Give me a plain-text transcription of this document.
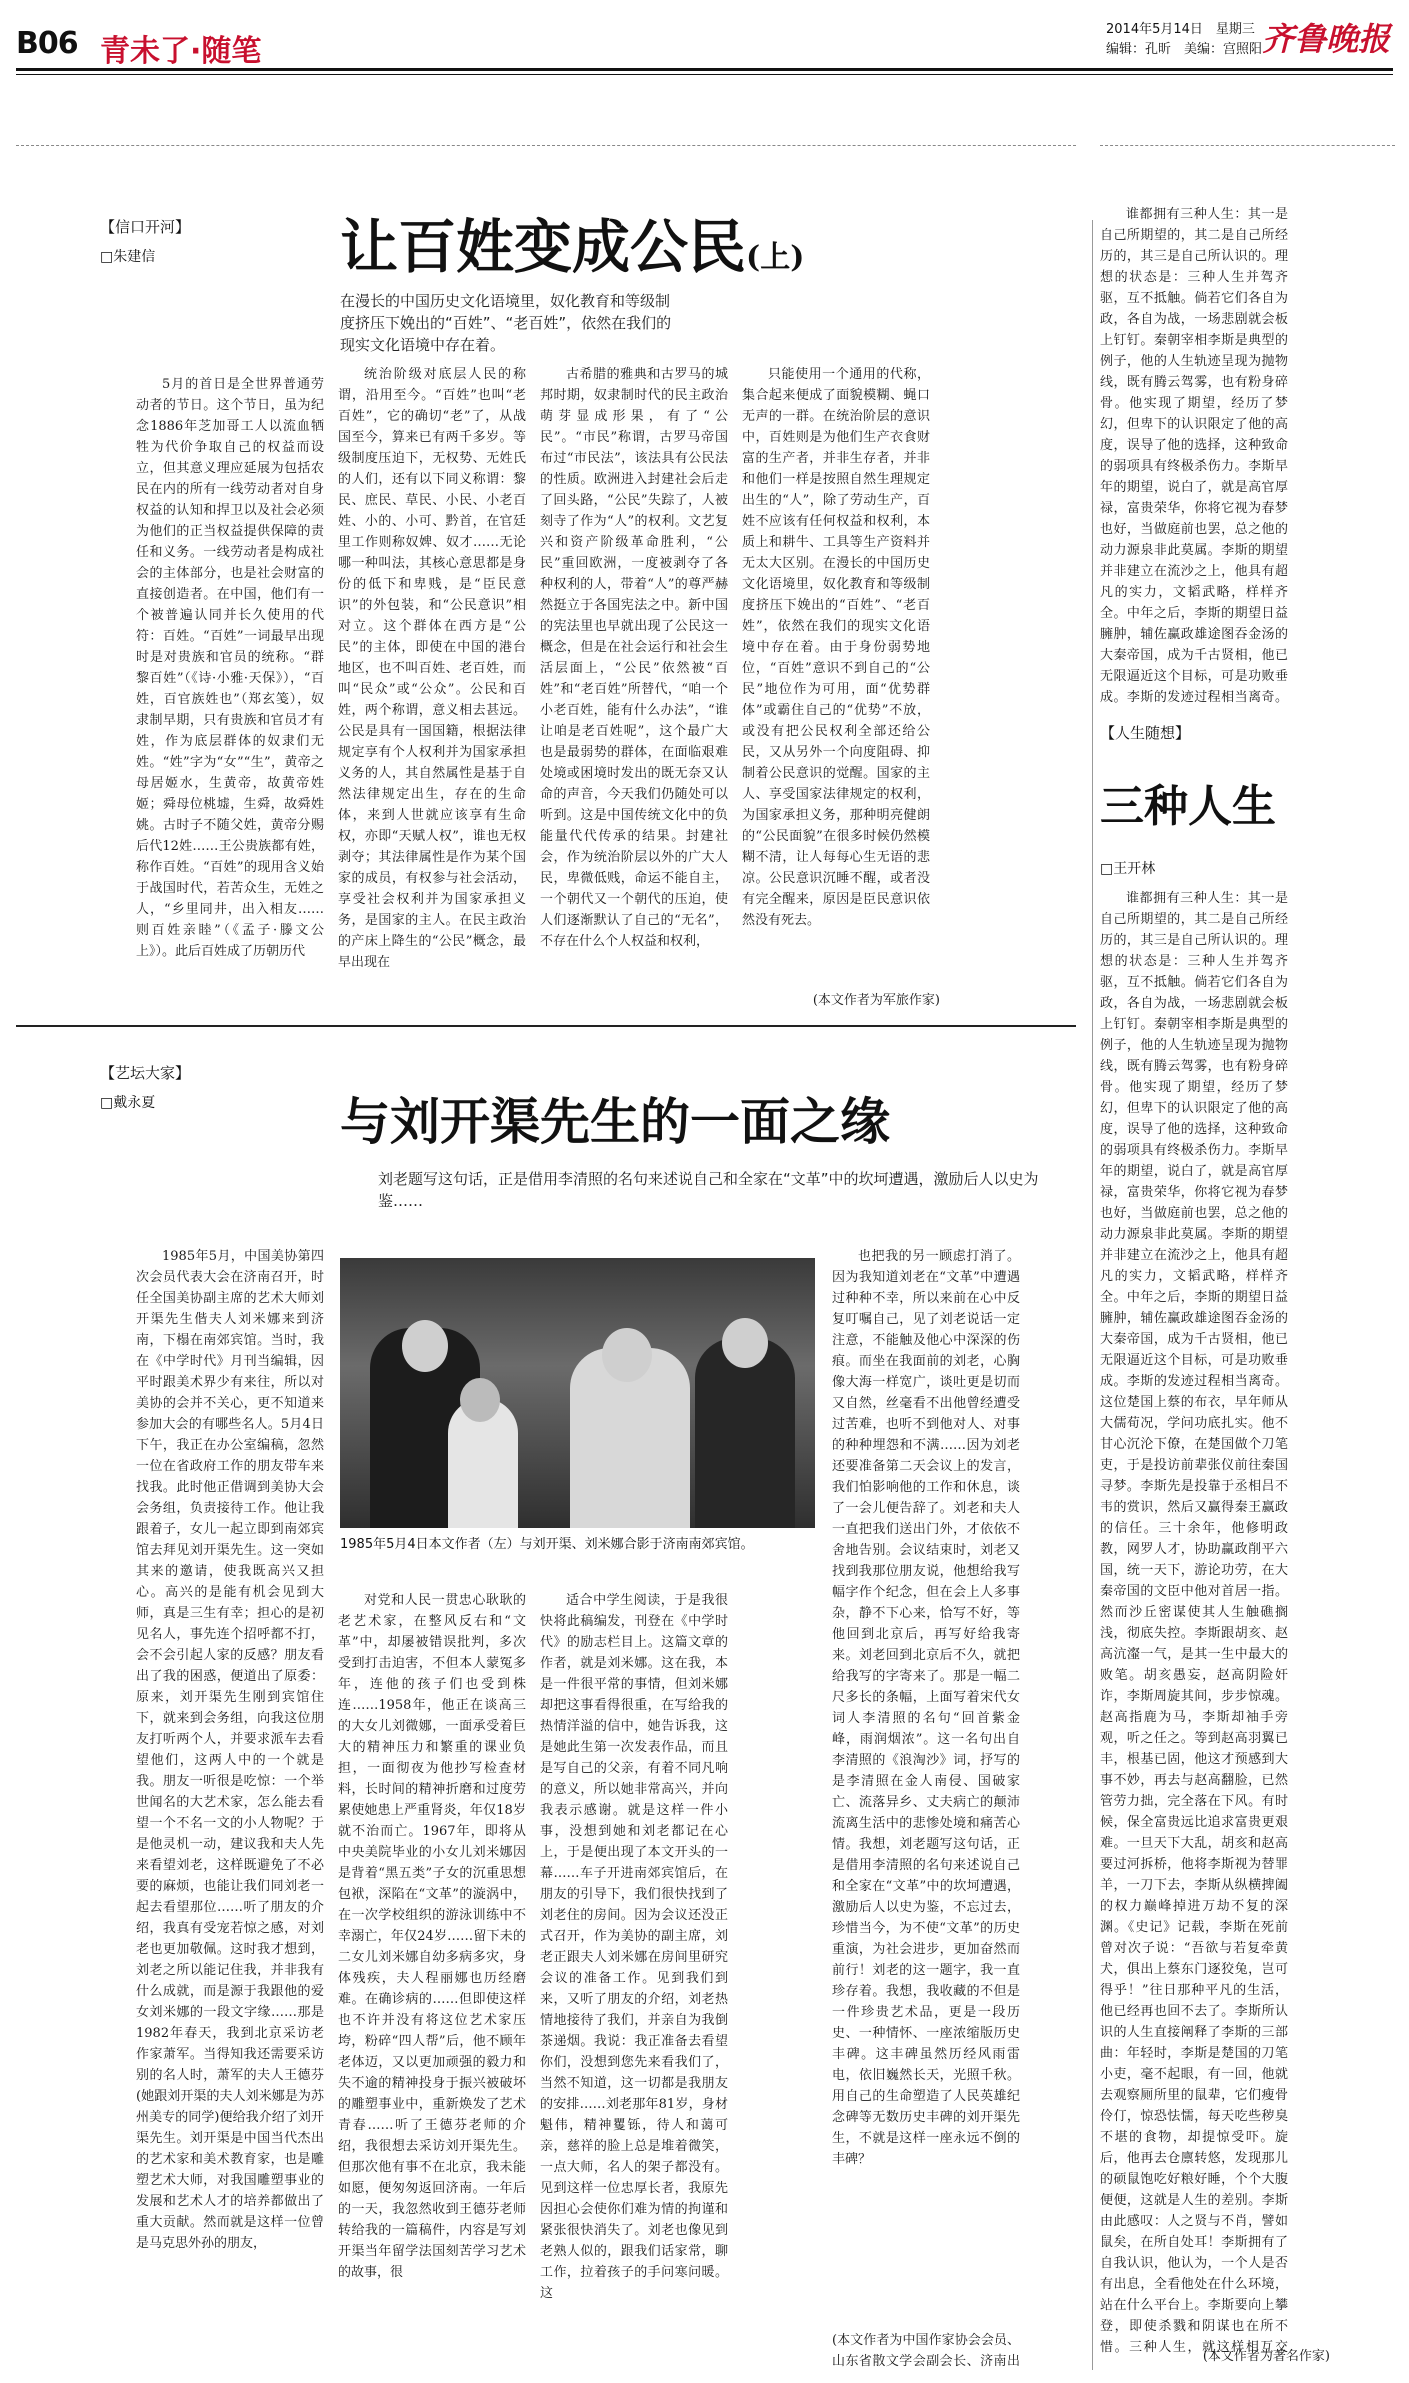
B06 青未了·随笔
2014年5月14日　星期三
编辑：孔昕　美编：宫照阳 齐鲁晚报
【信口开河】
□朱建信	让百姓变成公民(上)
在漫长的中国历史文化语境里，奴化教育和等级制度挤压下娩出的“百姓”、“老百姓”，依然在我们的现实文化语境中存在着。

5月的首日是全世界普通劳动者的节日。这个节日，虽为纪念1886年芝加哥工人以流血牺牲为代价争取自己的权益而设立，但其意义理应延展为包括农民在内的所有一线劳动者对自身权益的认知和捍卫以及社会必须为他们的正当权益提供保障的责任和义务。一线劳动者是构成社会的主体部分，也是社会财富的直接创造者。在中国，他们有一个被普遍认同并长久使用的代符：百姓。“百姓”一词最早出现时是对贵族和官员的统称。“群黎百姓”（《诗·小雅·天保》），“百姓，百官族姓也”（郑玄笺），奴隶制早期，只有贵族和官员才有姓，作为底层群体的奴隶们无姓。“姓”字为“女”“生”，黄帝之母居姬水，生黄帝，故黄帝姓姬；舜母位桃墟，生舜，故舜姓姚。古时子不随父姓，黄帝分赐后代12姓……王公贵族都有姓，称作百姓。“百姓”的现用含义始于战国时代，若苦众生，无姓之人，“乡里同井，出入相友……则百姓亲睦”（《孟子·滕文公上》）。此后百姓成了历朝历代

统治阶级对底层人民的称谓，沿用至今。“百姓”也叫“老百姓”，它的确切“老”了，从战国至今，算来已有两千多岁。等级制度压迫下，无权势、无姓氏的人们，还有以下同义称谓：黎民、庶民、草民、小民、小老百姓、小的、小可、黔首，在官廷里工作则称奴婢、奴才……无论哪一种叫法，其核心意思都是身份的低下和卑贱，是“臣民意识”的外包装，和“公民意识”相对立。这个群体在西方是“公民”的主体，即使在中国的港台地区，也不叫百姓、老百姓，而叫“民众”或“公众”。公民和百姓，两个称谓，意义相去甚远。公民是具有一国国籍，根据法律规定享有个人权利并为国家承担义务的人，其自然属性是基于自然法律规定出生，存在的生命体，来到人世就应该享有生命权，亦即“天赋人权”，谁也无权剥夺；其法律属性是作为某个国家的成员，有权参与社会活动，享受社会权利并为国家承担义务，是国家的主人。在民主政治的产床上降生的“公民”概念，最早出现在

古希腊的雅典和古罗马的城邦时期，奴隶制时代的民主政治萌芽显成形果，有了“公民”。“市民”称谓，古罗马帝国布过“市民法”，该法具有公民法的性质。欧洲进入封建社会后走了回头路，“公民”失踪了，人被刻寺了作为“人”的权利。文艺复兴和资产阶级革命胜利，“公民”重回欧洲，一度被剥夺了各种权利的人，带着“人”的尊严赫然挺立于各国宪法之中。新中国的宪法里也早就出现了公民这一概念，但是在社会运行和社会生活层面上，“公民”依然被“百姓”和“老百姓”所替代，“咱一个小老百姓，能有什么办法”，“谁让咱是老百姓呢”，这个最广大也是最弱势的群体，在面临艰难处境或困境时发出的既无奈又认命的声音，今天我们仍随处可以听到。这是中国传统文化中的负能量代代传承的结果。封建社会，作为统治阶层以外的广大人民，卑微低贱，命运不能自主，一个朝代又一个朝代的压迫，使人们逐渐默认了自己的“无名”，不存在什么个人权益和权利，

只能使用一个通用的代称，集合起来便成了面貌模糊、蝇口无声的一群。在统治阶层的意识中，百姓则是为他们生产衣食财富的生产者，并非生存者，并非和他们一样是按照自然生理规定出生的“人”，除了劳动生产，百姓不应该有任何权益和权利，本质上和耕牛、工具等生产资料并无太大区别。在漫长的中国历史文化语境里，奴化教育和等级制度挤压下娩出的“百姓”、“老百姓”，依然在我们的现实文化语境中存在着。由于身份弱势地位，“百姓”意识不到自己的“公民”地位作为可用，面“优势群体”或霸住自己的“优势”不放，或没有把公民权利全部还给公民，又从另外一个向度阻碍、抑制着公民意识的觉醒。国家的主人、享受国家法律规定的权利，为国家承担义务，那种明亮健朗的“公民面貌”在很多时候仍然模糊不清，让人每每心生无语的悲凉。公民意识沉睡不醒，或者没有完全醒来，原因是臣民意识依然没有死去。

(本文作者为军旅作家)
【艺坛大家】
□戴永夏	与刘开渠先生的一面之缘
刘老题写这句话，正是借用李清照的名句来述说自己和全家在“文革”中的坎坷遭遇，激励后人以史为鉴……
1985年5月4日本文作者（左）与刘开渠、刘米娜合影于济南南郊宾馆。

1985年5月，中国美协第四次会员代表大会在济南召开，时任全国美协副主席的艺术大师刘开渠先生偕夫人刘米娜来到济南，下榻在南郊宾馆。当时，我在《中学时代》月刊当编辑，因平时跟美术界少有来往，所以对美协的会并不关心，更不知道来参加大会的有哪些名人。5月4日下午，我正在办公室编稿，忽然一位在省政府工作的朋友带车来找我。此时他正借调到美协大会会务组，负责接待工作。他让我跟着子，女儿一起立即到南郊宾馆去拜见刘开渠先生。这一突如其来的邀请，使我既高兴又担心。高兴的是能有机会见到大师，真是三生有幸；担心的是初见名人，事先连个招呼都不打，会不会引起人家的反感？朋友看出了我的困惑，便道出了原委：原来，刘开渠先生刚到宾馆住下，就来到会务组，向我这位朋友打听两个人，并要求派车去看望他们，这两人中的一个就是我。朋友一听很是吃惊：一个举世闻名的大艺术家，怎么能去看望一个不名一文的小人物呢？于是他灵机一动，建议我和夫人先来看望刘老，这样既避免了不必要的麻烦，也能让我们同刘老一起去看望那位……听了朋友的介绍，我真有受宠若惊之感，对刘老也更加敬佩。这时我才想到，刘老之所以能记住我，并非我有什么成就，而是源于我跟他的爱女刘米娜的一段文字缘……那是1982年春天，我到北京采访老作家萧军。当得知我还需要采访别的名人时，萧军的夫人王德芬(她跟刘开渠的夫人刘米娜是为苏州美专的同学)便给我介绍了刘开渠先生。刘开渠是中国当代杰出的艺术家和美术教育家，也是雕塑艺术大师，对我国雕塑事业的发展和艺术人才的培养都做出了重大贡献。然而就是这样一位曾是马克思外孙的朋友，

对党和人民一贯忠心耿耿的老艺术家，在整风反右和“文革”中，却屡被错误批判，多次受到打击迫害，不但本人蒙冤多年，连他的孩子们也受到株连……1958年，他正在谈高三的大女儿刘微娜，一面承受着巨大的精神压力和繁重的课业负担，一面彻夜为他抄写检查材料，长时间的精神折磨和过度劳累使她患上严重肾炎，年仅18岁就不治而亡。1967年，即将从中央美院毕业的小女儿刘米娜因是背着“黑五类”子女的沉重思想包袱，深陷在“文革”的漩涡中，在一次学校组织的游泳训练中不幸溺亡，年仅24岁……留下未的二女儿刘米娜自幼多病多灾，身体残疾，夫人程丽娜也历经磨难。在确诊病的……但即使这样也不许并没有将这位艺术家压垮，粉碎“四人帮”后，他不顾年老体迈，又以更加顽强的毅力和失不逾的精神投身于振兴被破坏的雕塑事业中，重新焕发了艺术青春……听了王德芬老师的介绍，我很想去采访刘开渠先生。但那次他有事不在北京，我未能如愿，便匆匆返回济南。一年后的一天，我忽然收到王德芬老师转给我的一篇稿件，内容是写刘开渠当年留学法国刻苦学习艺术的故事，很

适合中学生阅读，于是我很快将此稿编发，刊登在《中学时代》的励志栏目上。这篇文章的作者，就是刘米娜。这在我，本是一件很平常的事情，但刘米娜却把这事看得很重，在写给我的热情洋溢的信中，她告诉我，这是她此生第一次发表作品，而且是写自己的父亲，有着不同凡响的意义，所以她非常高兴，并向我表示感谢。就是这样一件小事，没想到她和刘老都记在心上，于是便出现了本文开头的一幕……车子开进南郊宾馆后，在朋友的引导下，我们很快找到了刘老住的房间。因为会议还没正式召开，作为美协的副主席，刘老正跟夫人刘米娜在房间里研究会议的准备工作。见到我们到来，又听了朋友的介绍，刘老热情地接待了我们，并亲自为我倒茶递烟。我说：我正准备去看望你们，没想到您先来看我们了，当然不知道，这一切都是我朋友的安排……刘老那年81岁，身材魁伟，精神矍铄，待人和蔼可亲，慈祥的脸上总是堆着微笑，一点大师，名人的架子都没有。见到这样一位忠厚长者，我原先因担心会使你们难为情的拘谨和紧张很快消失了。刘老也像见到老熟人似的，跟我们话家常，聊工作，拉着孩子的手问寒问暖。这

也把我的另一顾虑打消了。因为我知道刘老在“文革”中遭遇过种种不幸，所以来前在心中反复叮嘱自己，见了刘老说话一定注意，不能触及他心中深深的伤痕。而坐在我面前的刘老，心胸像大海一样宽广，谈吐更是切而又自然，丝毫看不出他曾经遭受过苦难，也听不到他对人、对事的种种埋怨和不满……因为刘老还要准备第二天会议上的发言，我们怕影响他的工作和休息，谈了一会儿便告辞了。刘老和夫人一直把我们送出门外，才依依不舍地告别。会议结束时，刘老又找到我那位朋友说，他想给我写幅字作个纪念，但在会上人多事杂，静不下心来，恰写不好，等他回到北京后，再写好给我寄来。刘老回到北京后不久，就把给我写的字寄来了。那是一幅二尺多长的条幅，上面写着宋代女词人李清照的名句“回首紫金峰，雨润烟浓”。这一名句出自李清照的《浪淘沙》词，抒写的是李清照在金人南侵、国破家亡、流落异乡、丈夫病亡的颠沛流离生活中的悲惨处境和痛苦心情。我想，刘老题写这句话，正是借用李清照的名句来述说自己和全家在“文革”中的坎坷遭遇，激励后人以史为鉴，不忘过去，珍惜当今，为不使“文革”的历史重演，为社会进步，更加奋然而前行！刘老的这一题字，我一直珍存着。我想，我收藏的不但是一件珍贵艺术品，更是一段历史、一种情怀、一座浓缩版历史丰碑。这丰碑虽然历经风雨雷电，依旧巍然长天，光照千秋。用自己的生命塑造了人民英雄纪念碑等无数历史丰碑的刘开渠先生，不就是这样一座永远不倒的丰碑？

(本文作者为中国作家协会会员、山东省散文学会副会长、济南出

谁都拥有三种人生：其一是自己所期望的，其二是自己所经历的，其三是自己所认识的。理想的状态是：三种人生并驾齐驱，互不抵触。倘若它们各自为政，各自为战，一场悲剧就会板上钉钉。秦朝宰相李斯是典型的例子，他的人生轨迹呈现为抛物线，既有腾云驾雾，也有粉身碎骨。他实现了期望，经历了梦幻，但卑下的认识限定了他的高度，误导了他的选择，这种致命的弱项具有终极杀伤力。李斯早年的期望，说白了，就是高官厚禄，富贵荣华，你将它视为春梦也好，当做庭前也罢，总之他的动力源泉非此莫属。李斯的期望并非建立在流沙之上，他具有超凡的实力，文韬武略，样样齐全。中年之后，李斯的期望日益臃肿，辅佐赢政雄途图吞金汤的大秦帝国，成为千古贤相，他已无限逼近这个目标，可是功败垂成。李斯的发迹过程相当离奇。

【人生随想】
三种人生
□王开林

谁都拥有三种人生：其一是自己所期望的，其二是自己所经历的，其三是自己所认识的。理想的状态是：三种人生并驾齐驱，互不抵触。倘若它们各自为政，各自为战，一场悲剧就会板上钉钉。秦朝宰相李斯是典型的例子，他的人生轨迹呈现为抛物线，既有腾云驾雾，也有粉身碎骨。他实现了期望，经历了梦幻，但卑下的认识限定了他的高度，误导了他的选择，这种致命的弱项具有终极杀伤力。李斯早年的期望，说白了，就是高官厚禄，富贵荣华，你将它视为春梦也好，当做庭前也罢，总之他的动力源泉非此莫属。李斯的期望并非建立在流沙之上，他具有超凡的实力，文韬武略，样样齐全。中年之后，李斯的期望日益臃肿，辅佐赢政雄途图吞金汤的大秦帝国，成为千古贤相，他已无限逼近这个目标，可是功败垂成。李斯的发迹过程相当离奇。这位楚国上蔡的布衣，早年师从大儒荀况，学问功底扎实。他不甘心沉沦下僚，在楚国做个刀笔吏，于是投访前辈张仪前往秦国寻梦。李斯先是投靠于丞相吕不韦的赏识，然后又赢得秦王赢政的信任。三十余年，他修明政教，网罗人才，协助赢政削平六国，统一天下，游论功劳，在大秦帝国的文臣中他对首居一指。然而沙丘密谋使其人生触礁搁浅，彻底失控。李斯跟胡亥、赵高沆瀣一气，是其一生中最大的败笔。胡亥愚妄，赵高阴险奸诈，李斯周旋其间，步步惊魂。赵高指鹿为马，李斯却袖手旁观，听之任之。等到赵高羽翼已丰，根基已固，他这才预感到大事不妙，再去与赵高翻脸，已然管劳力拙，完全落在下风。有时候，保全富贵远比追求富贵更艰难。一旦天下大乱，胡亥和赵高要过河拆桥，他将李斯视为替罪羊，一刀下去，李斯从纵横捭阖的权力巅峰掉进万劫不复的深渊。《史记》记载，李斯在死前曾对次子说：“吾欲与若复牵黄犬，俱出上蔡东门逐狡兔，岂可得乎！”往日那种平凡的生活，他已经再也回不去了。李斯所认识的人生直接阐释了李斯的三部曲：年轻时，李斯是楚国的刀笔小吏，毫不起眼，有一回，他就去观察厕所里的鼠辈，它们瘦骨伶仃，惊恐怯懦，每天吃些秽臭不堪的食物，却提惊受吓。旋后，他再去仓廪转悠，发现那儿的硕鼠饱吃好粮好睡，个个大腹便便，这就是人生的差别。李斯由此感叹：人之贤与不肖，譬如鼠矣，在所自处耳！李斯拥有了自我认识，他认为，一个人是否有出息，全看他处在什么环境，站在什么平台上。李斯要向上攀登，即使杀戮和阴谋也在所不惜。三种人生，就这样相互交

(本文作者为著名作家)
